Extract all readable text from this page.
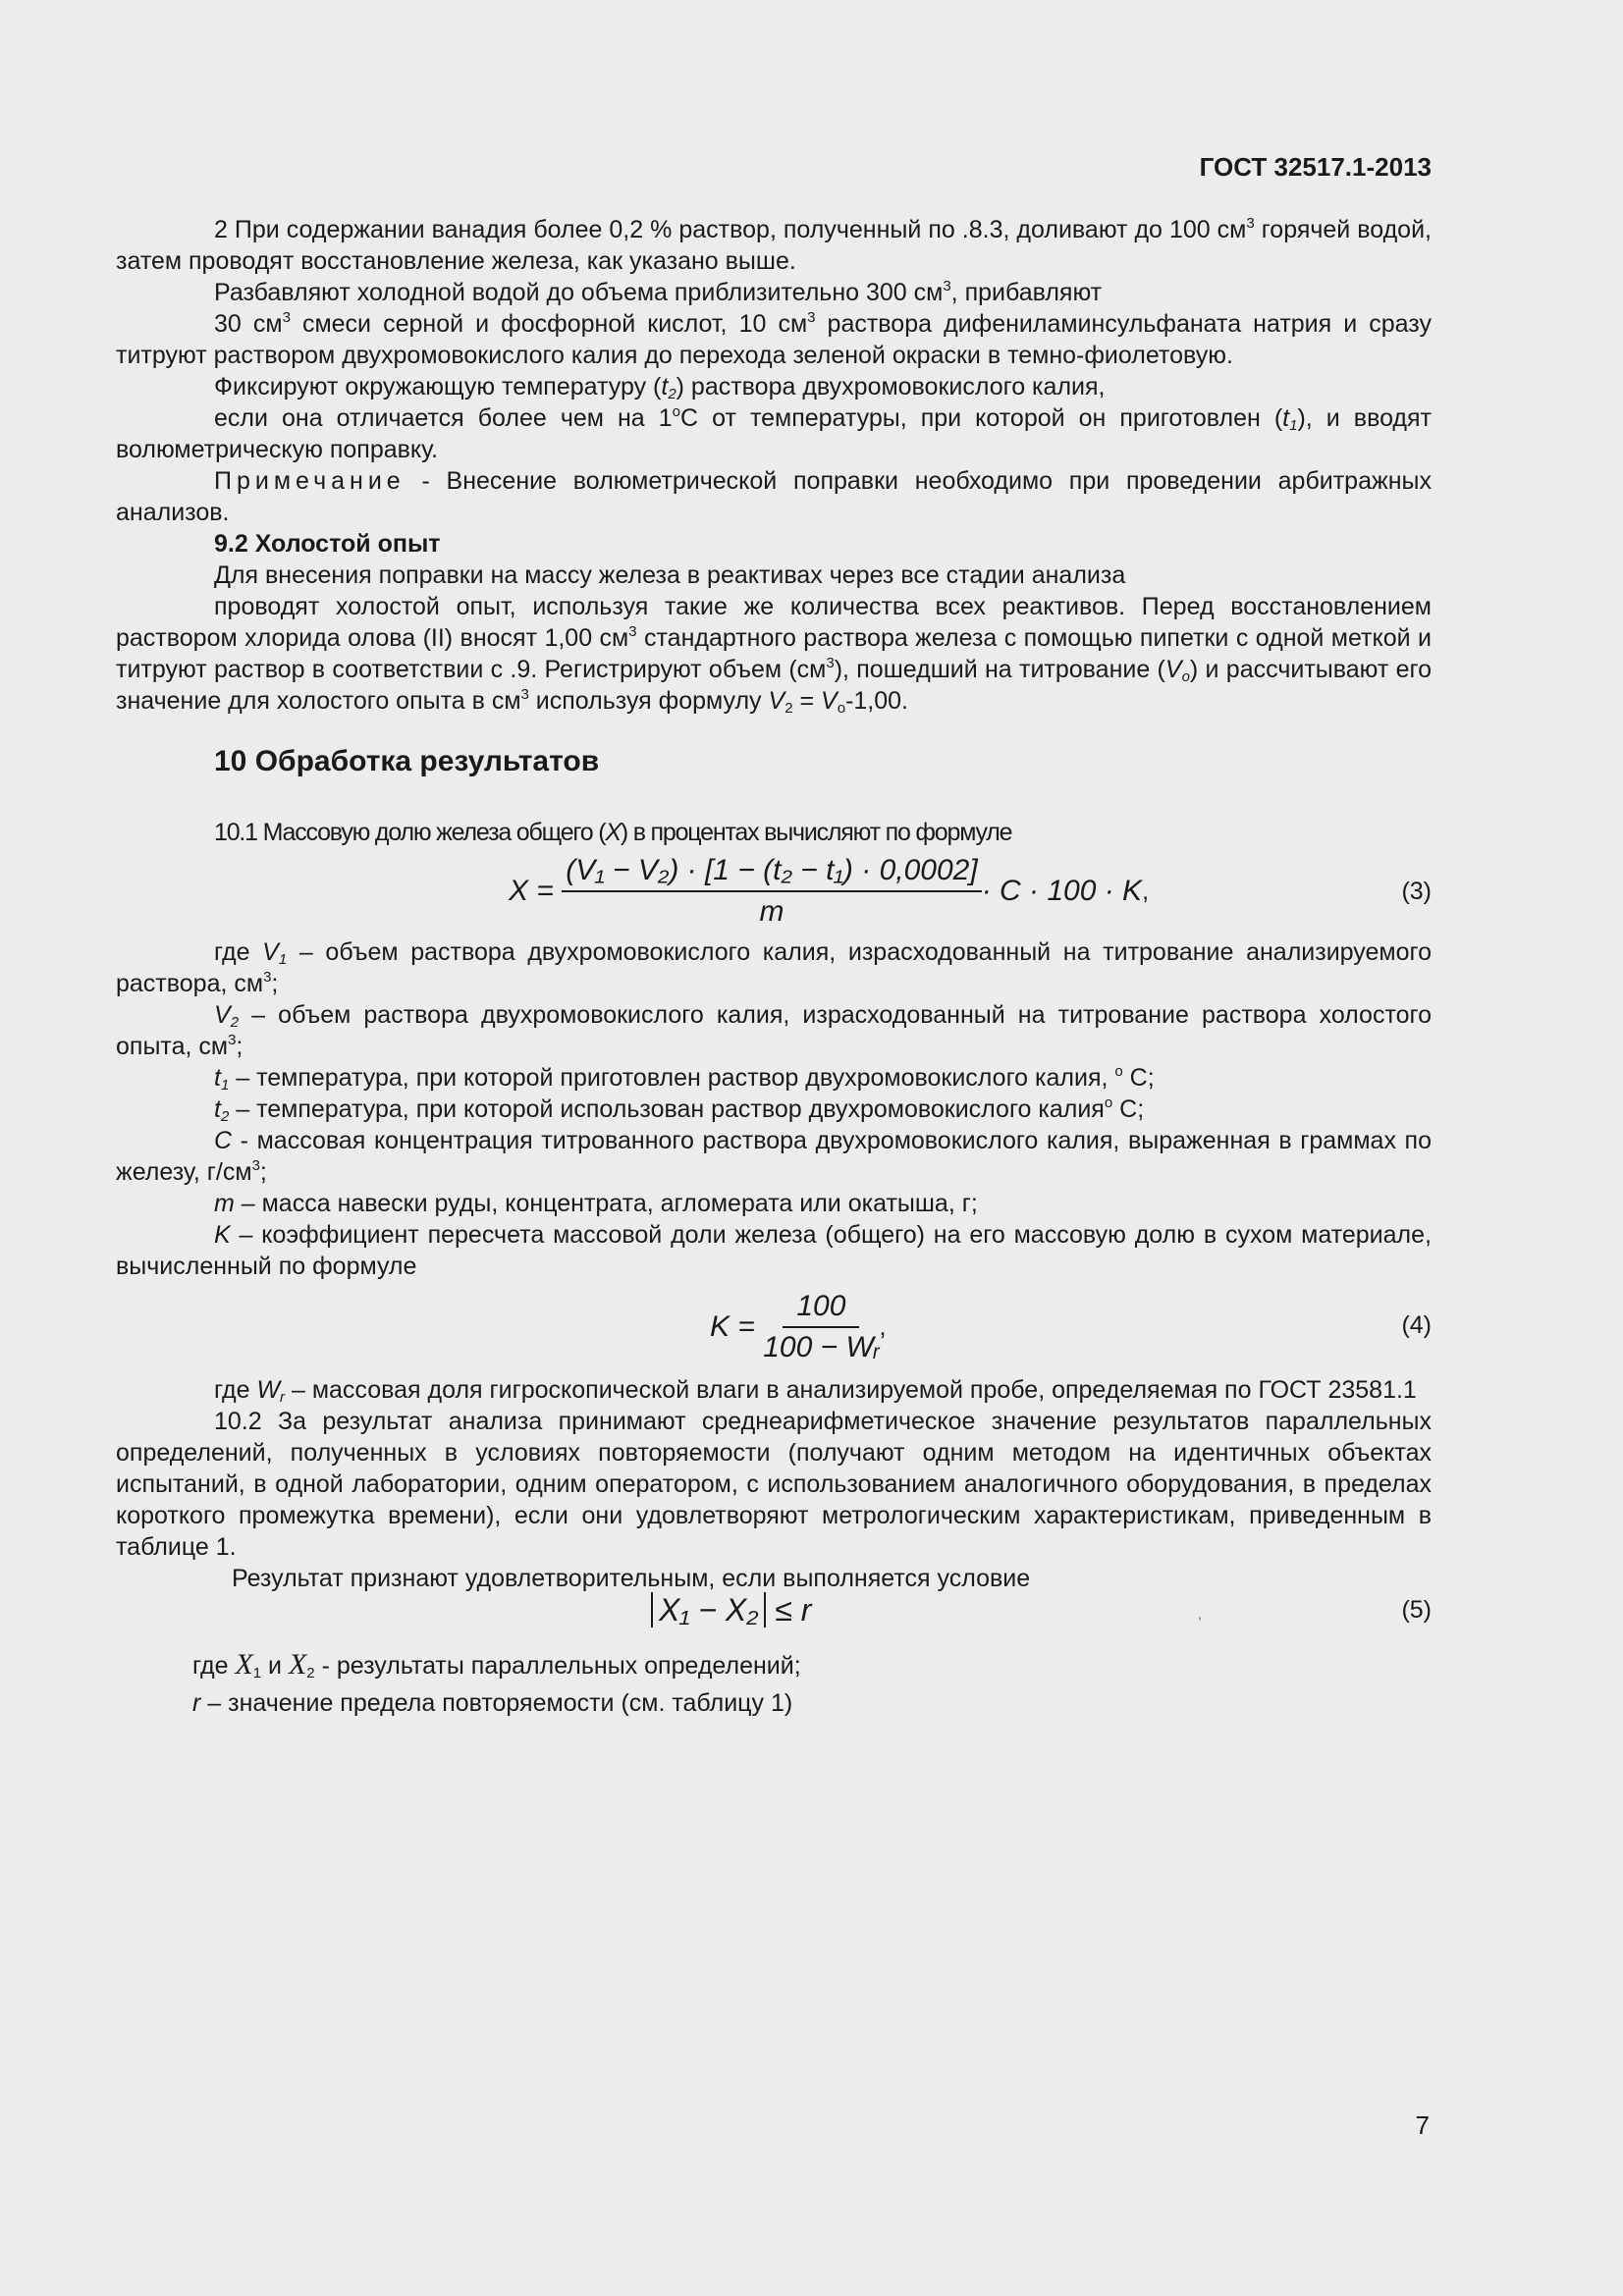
ГОСТ 32517.1-2013

2 При содержании ванадия более 0,2 % раствор, полученный по .8.3, доливают до 100 $см^3$ горячей водой, затем проводят восстановление железа, как указано выше.

Разбавляют холодной водой до объема приблизительно 300 $см^3$, прибавляют

30 $см^3$ смеси серной и фосфорной кислот, 10 $см^3$ раствора дифениламинсульфаната натрия и сразу титруют раствором двухромовокислого калия до перехода зеленой окраски в темно-фиолетовую.

Фиксируют окружающую температуру $(t_2)$ раствора двухромовокислого калия,

если она отличается более чем на $1^оС$ от температуры, при которой он приготовлен $(t_1)$, и вводят волюметрическую поправку.

Примечание - Внесение волюметрической поправки необходимо при проведении арбитражных анализов.

9.2 Холостой опыт

Для внесения поправки на массу железа в реактивах через все стадии анализа

проводят холостой опыт, используя такие же количества всех реактивов. Перед восстановлением раствором хлорида олова (II) вносят 1,00 $см^3$ стандартного раствора железа с помощью пипетки с одной меткой и титруют раствор в соответствии с .9. Регистрируют объем $(см^3)$, пошедший на титрование $(V_o)$ и рассчитывают его значение для холостого опыта в $см^3$ используя формулу $V_2 = V_о-1,00$.

10 Обработка результатов

10.1 Массовую долю железа общего (X) в процентах вычисляют по формуле

X =
$\frac{\text{(V₁ − V₂) · [1 − (t₂ − t₁) · 0,0002]}}{m} \cdot C \cdot 100 \cdot K$ ,	(3)

где $V_1$ – объем раствора двухромовокислого калия, израсходованный на титрование анализируемого раствора, $см^3$;

$V_2$ – объем раствора двухромовокислого калия, израсходованный на титрование раствора холостого опыта, $см^3$;

$t_1$ – температура, при которой приготовлен раствор двухромовокислого калия, $^o$ С;

$t_2$ – температура, при которой использован раствор двухромовокислого калия$^o$ С;

C - массовая концентрация титрованного раствора двухромовокислого калия, выраженная в граммах по железу, $г/см^3$;

m – масса навески руды, концентрата, агломерата или окатыша, г;

K – коэффициент пересчета массовой доли железа (общего) на его массовую долю в сухом материале, вычисленный по формуле

K =
$\frac{100}{\text{100 − Wᵣ}}$ ,	(4)

где $W_r$ – массовая доля гигроскопической влаги в анализируемой пробе, определяемая по ГОСТ 23581.1

10.2 За результат анализа принимают среднеарифметическое значение результатов параллельных определений, полученных в условиях повторяемости (получают одним методом на идентичных объектах испытаний, в одной лаборатории, одним оператором, с использованием аналогичного оборудования, в пределах короткого промежутка времени), если они удовлетворяют метрологическим характеристикам, приведенным в таблице 1.

Результат признают удовлетворительным, если выполняется условие

X₁ − X₂ ≤ r	,	(5)

где $X_1$ и $X_2$ - результаты параллельных определений;

r – значение предела повторяемости (см. таблицу 1)

7
